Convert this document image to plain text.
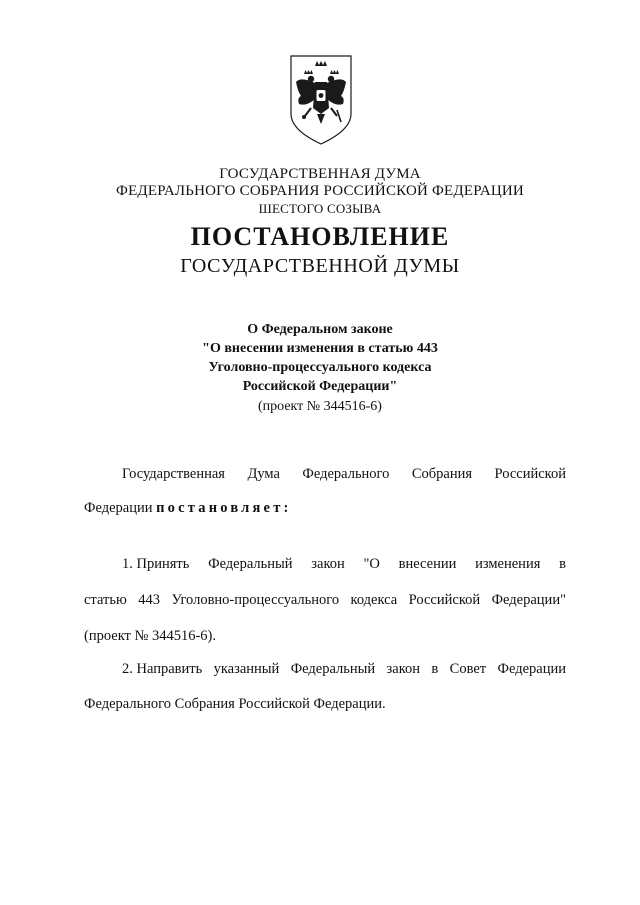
ГОСУДАРСТВЕННАЯ ДУМА
ФЕДЕРАЛЬНОГО СОБРАНИЯ РОССИЙСКОЙ ФЕДЕРАЦИИ
ШЕСТОГО СОЗЫВА
ПОСТАНОВЛЕНИЕ
ГОСУДАРСТВЕННОЙ ДУМЫ
О Федеральном законе
"О внесении изменения в статью 443
Уголовно-процессуального кодекса
Российской Федерации"
(проект № 344516-6)
Государственная Дума Федерального Собрания Российской
Федерации постановляет:
1. Принять Федеральный закон "О внесении изменения в
статью 443 Уголовно-процессуального кодекса Российской Федерации"
(проект № 344516-6).
2. Направить указанный Федеральный закон в Совет Федерации
Федерального Собрания Российской Федерации.
